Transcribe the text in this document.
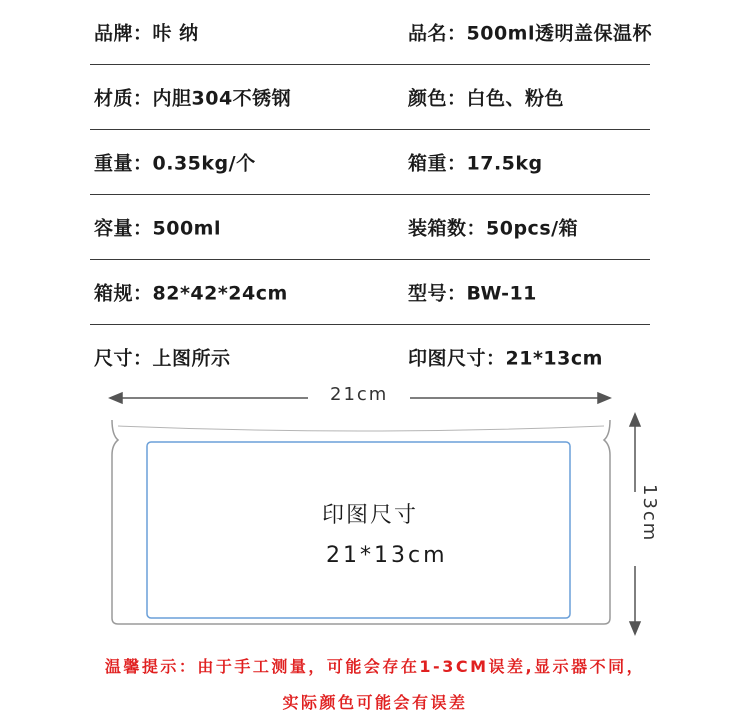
品牌：咔 纳	品名：500ml透明盖保温杯
材质：内胆304不锈钢	颜色：白色、粉色
重量：0.35kg/个	箱重：17.5kg
容量：500ml	装箱数：50pcs/箱
箱规：82*42*24cm	型号：BW-11
尺寸：上图所示	印图尺寸：21*13cm
21cm
13cm
印图尺寸
21*13cm
温馨提示：由于手工测量，可能会存在1-3CM误差,显示器不同，
实际颜色可能会有误差
